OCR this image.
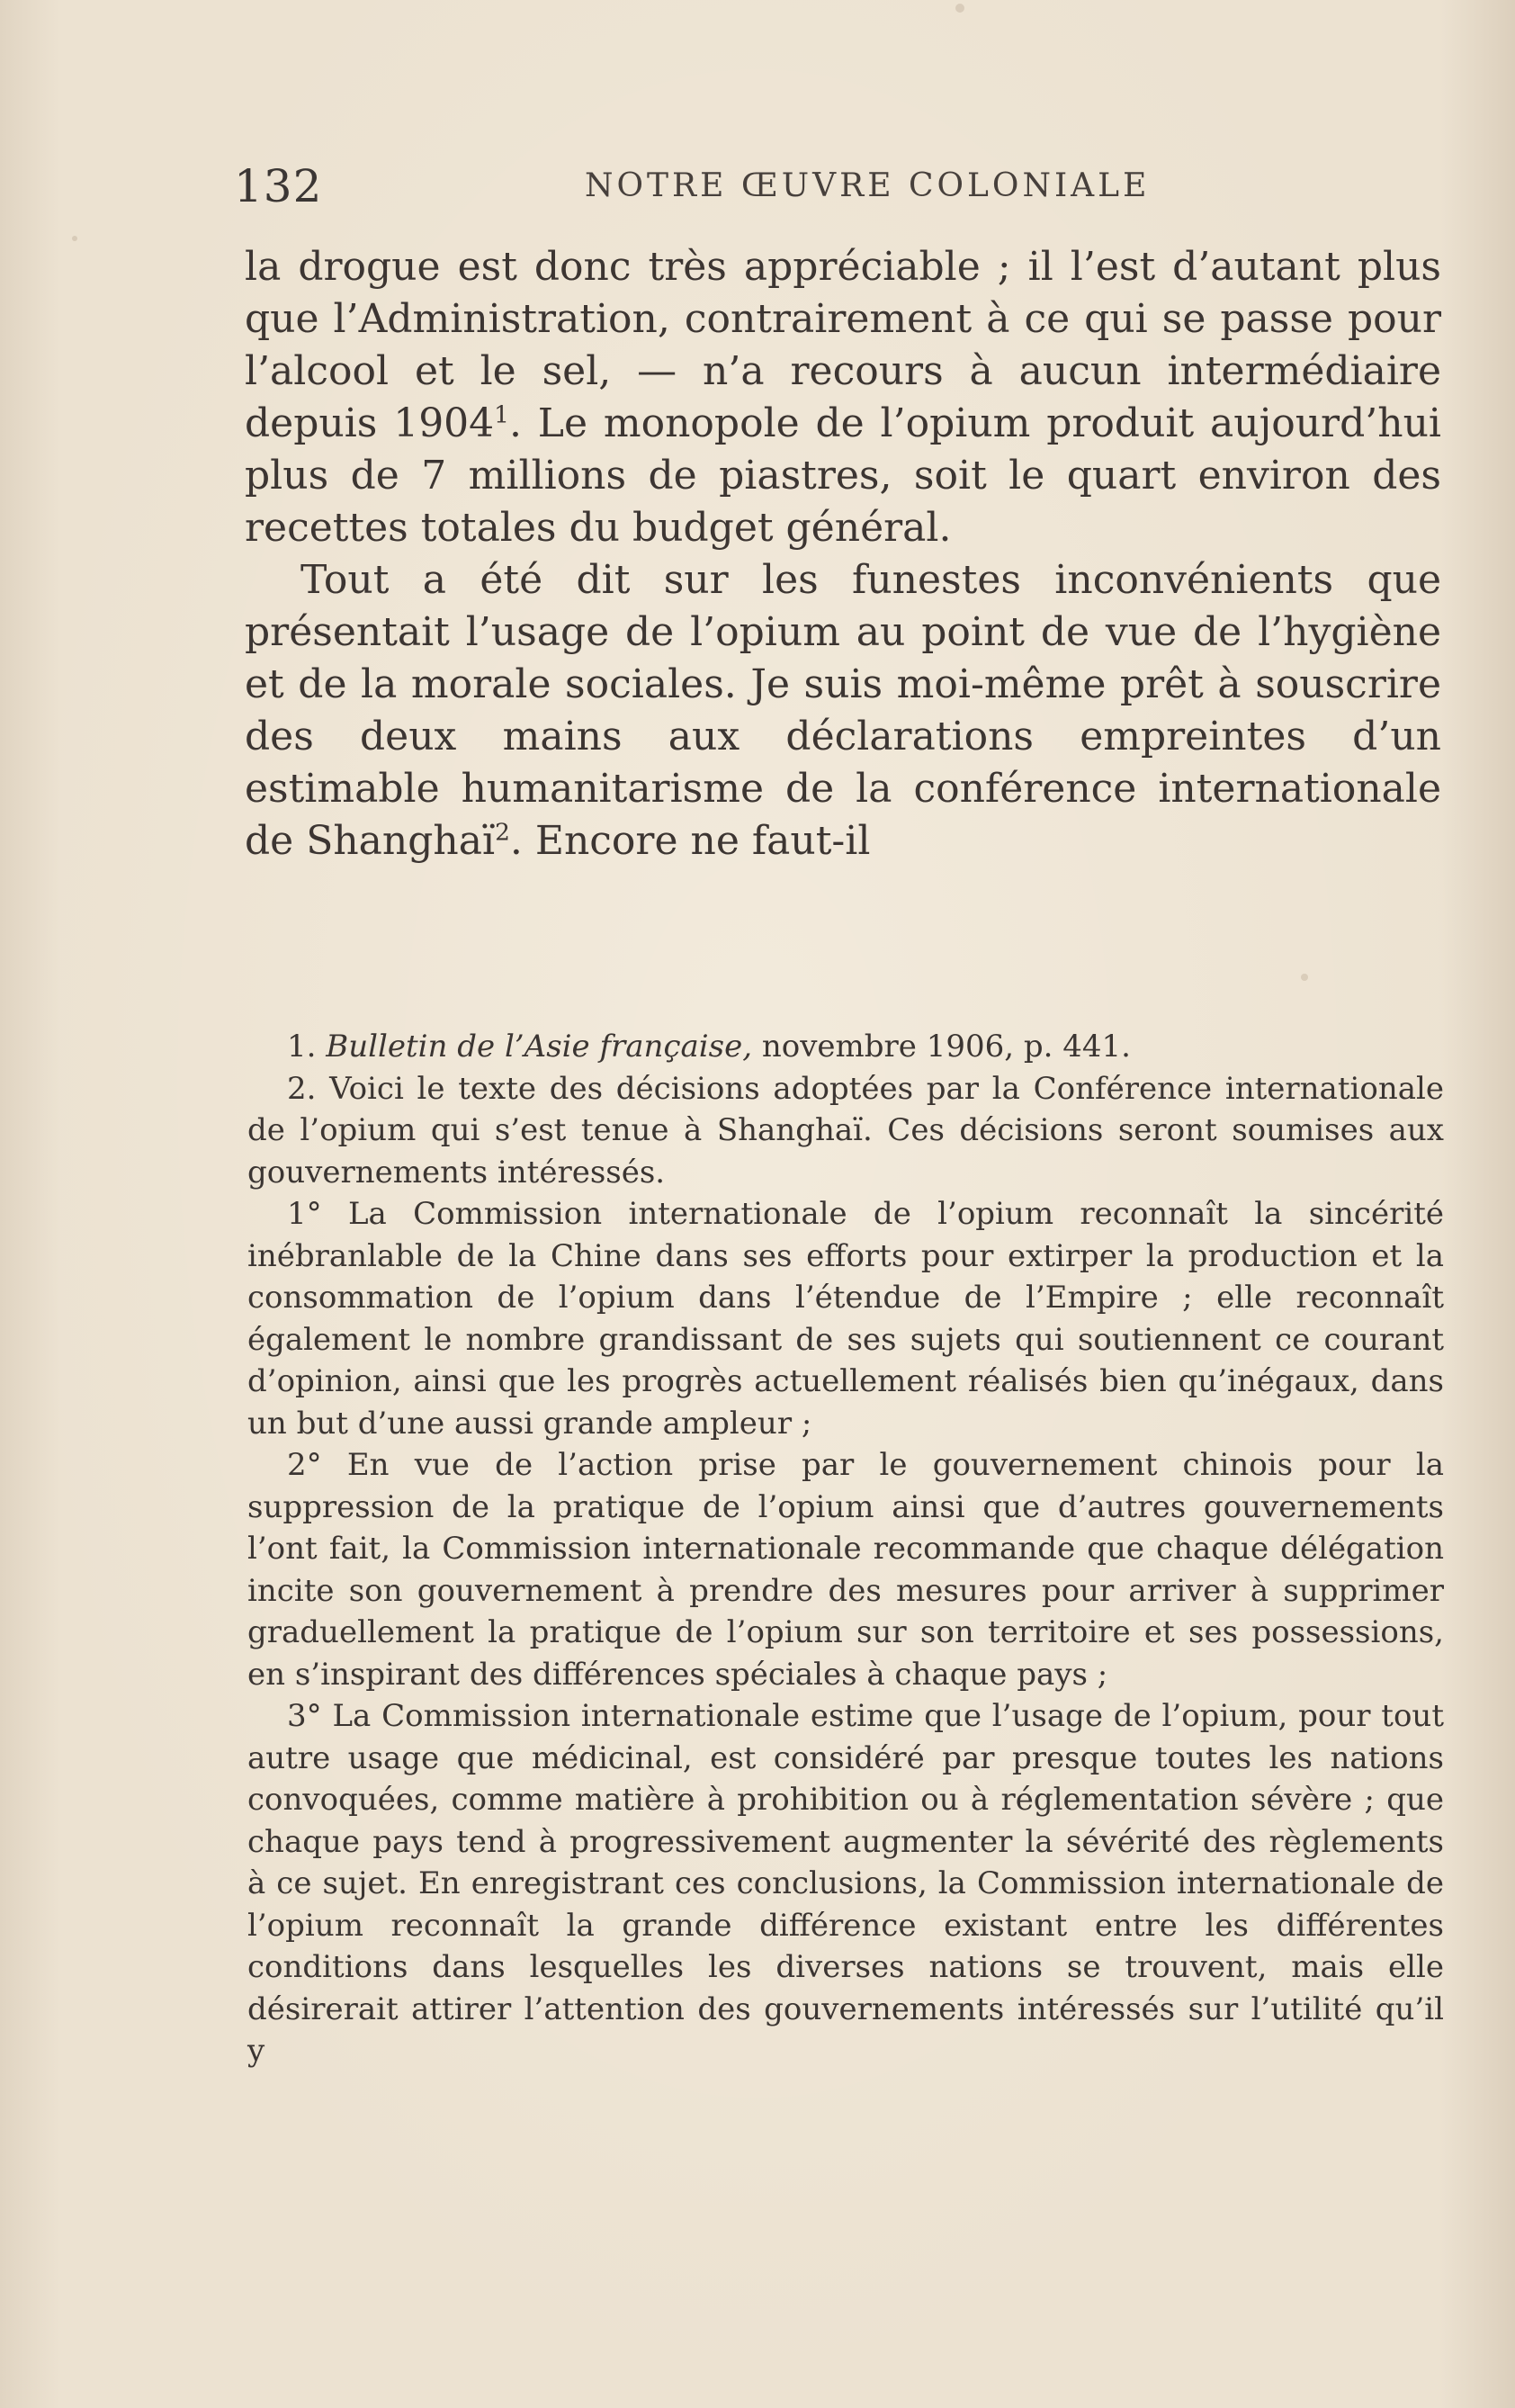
132	NOTRE ŒUVRE COLONIALE

la drogue est donc très appréciable ; il l’est d’autant plus que l’Administration, contrairement à ce qui se passe pour l’alcool et le sel, — n’a recours à aucun intermédiaire depuis 1904$^1$. Le monopole de l’opium produit aujourd’hui plus de 7 millions de piastres, soit le quart environ des recettes totales du budget général.

Tout a été dit sur les funestes inconvénients que présentait l’usage de l’opium au point de vue de l’hygiène et de la morale sociales. Je suis moi-même prêt à souscrire des deux mains aux déclarations empreintes d’un estimable humanitarisme de la conférence internationale de Shanghaï$^2$. Encore ne faut-il

1. Bulletin de l’Asie française, novembre 1906, p. 441.

2. Voici le texte des décisions adoptées par la Conférence internationale de l’opium qui s’est tenue à Shanghaï. Ces décisions seront soumises aux gouvernements intéressés.

1° La Commission internationale de l’opium reconnaît la sincérité inébranlable de la Chine dans ses efforts pour extirper la production et la consommation de l’opium dans l’étendue de l’Empire ; elle reconnaît également le nombre grandissant de ses sujets qui soutiennent ce courant d’opinion, ainsi que les progrès actuellement réalisés bien qu’inégaux, dans un but d’une aussi grande ampleur ;

2° En vue de l’action prise par le gouvernement chinois pour la suppression de la pratique de l’opium ainsi que d’autres gouvernements l’ont fait, la Commission internationale recommande que chaque délégation incite son gouvernement à prendre des mesures pour arriver à supprimer graduellement la pratique de l’opium sur son territoire et ses possessions, en s’inspirant des différences spéciales à chaque pays ;

3° La Commission internationale estime que l’usage de l’opium, pour tout autre usage que médicinal, est considéré par presque toutes les nations convoquées, comme matière à prohibition ou à réglementation sévère ; que chaque pays tend à progressivement augmenter la sévérité des règlements à ce sujet. En enregistrant ces conclusions, la Commission internationale de l’opium reconnaît la grande différence existant entre les différentes conditions dans lesquelles les diverses nations se trouvent, mais elle désirerait attirer l’attention des gouvernements intéressés sur l’utilité qu’il y
